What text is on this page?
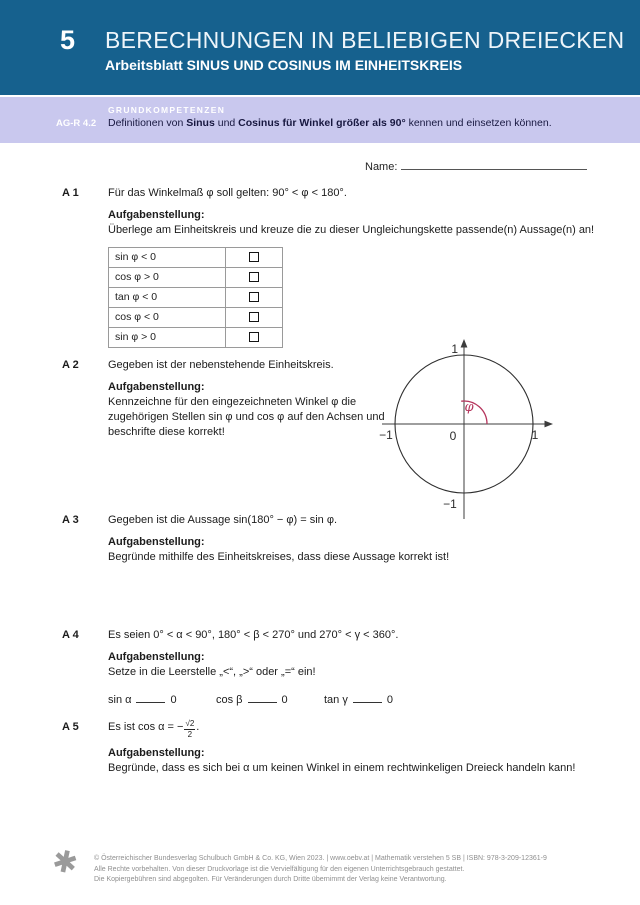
5 BERECHNUNGEN IN BELIEBIGEN DREIECKEN
Arbeitsblatt SINUS UND COSINUS IM EINHEITSKREIS
GRUNDKOMPETENZEN
AG-R 4.2 Definitionen von Sinus und Cosinus für Winkel größer als 90° kennen und einsetzen können.
Name:
A 1	Für das Winkelmaß φ soll gelten: 90° < φ < 180°.
Aufgabenstellung:
Überlege am Einheitskreis und kreuze die zu dieser Ungleichungskette passende(n) Aussage(n) an!
sin φ < 0	
cos φ > 0	
tan φ < 0	
cos φ < 0	
sin φ > 0	
A 2	Gegeben ist der nebenstehende Einheitskreis.
Aufgabenstellung:
Kennzeichne für den eingezeichneten Winkel φ die zugehörigen Stellen sin φ und cos φ auf den Achsen und beschrifte diese korrekt!
1
1
−1	0
−1
φ
A 3	Gegeben ist die Aussage sin(180° − φ) = sin φ.
Aufgabenstellung:
Begründe mithilfe des Einheitskreises, dass diese Aussage korrekt ist!
A 4	Es seien 0° < α < 90°, 180° < β < 270° und 270° < γ < 360°.
Aufgabenstellung:
Setze in die Leerstelle „<“, „>“ oder „=“ ein!
sin α	0	cos β	0	tan γ	0
A 5	Es ist cos α = − $\frac{√2}{2}$ .
Aufgabenstellung:
Begründe, dass es sich bei α um keinen Winkel in einem rechtwinkeligen Dreieck handeln kann!
✱	© Österreichischer Bundesverlag Schulbuch GmbH & Co. KG, Wien 2023. | www.oebv.at | Mathematik verstehen 5 SB | ISBN: 978-3-209-12361-9
Alle Rechte vorbehalten. Von dieser Druckvorlage ist die Vervielfältigung für den eigenen Unterrichtsgebrauch gestattet.
Die Kopiergebühren sind abgegolten. Für Veränderungen durch Dritte übernimmt der Verlag keine Verantwortung.
